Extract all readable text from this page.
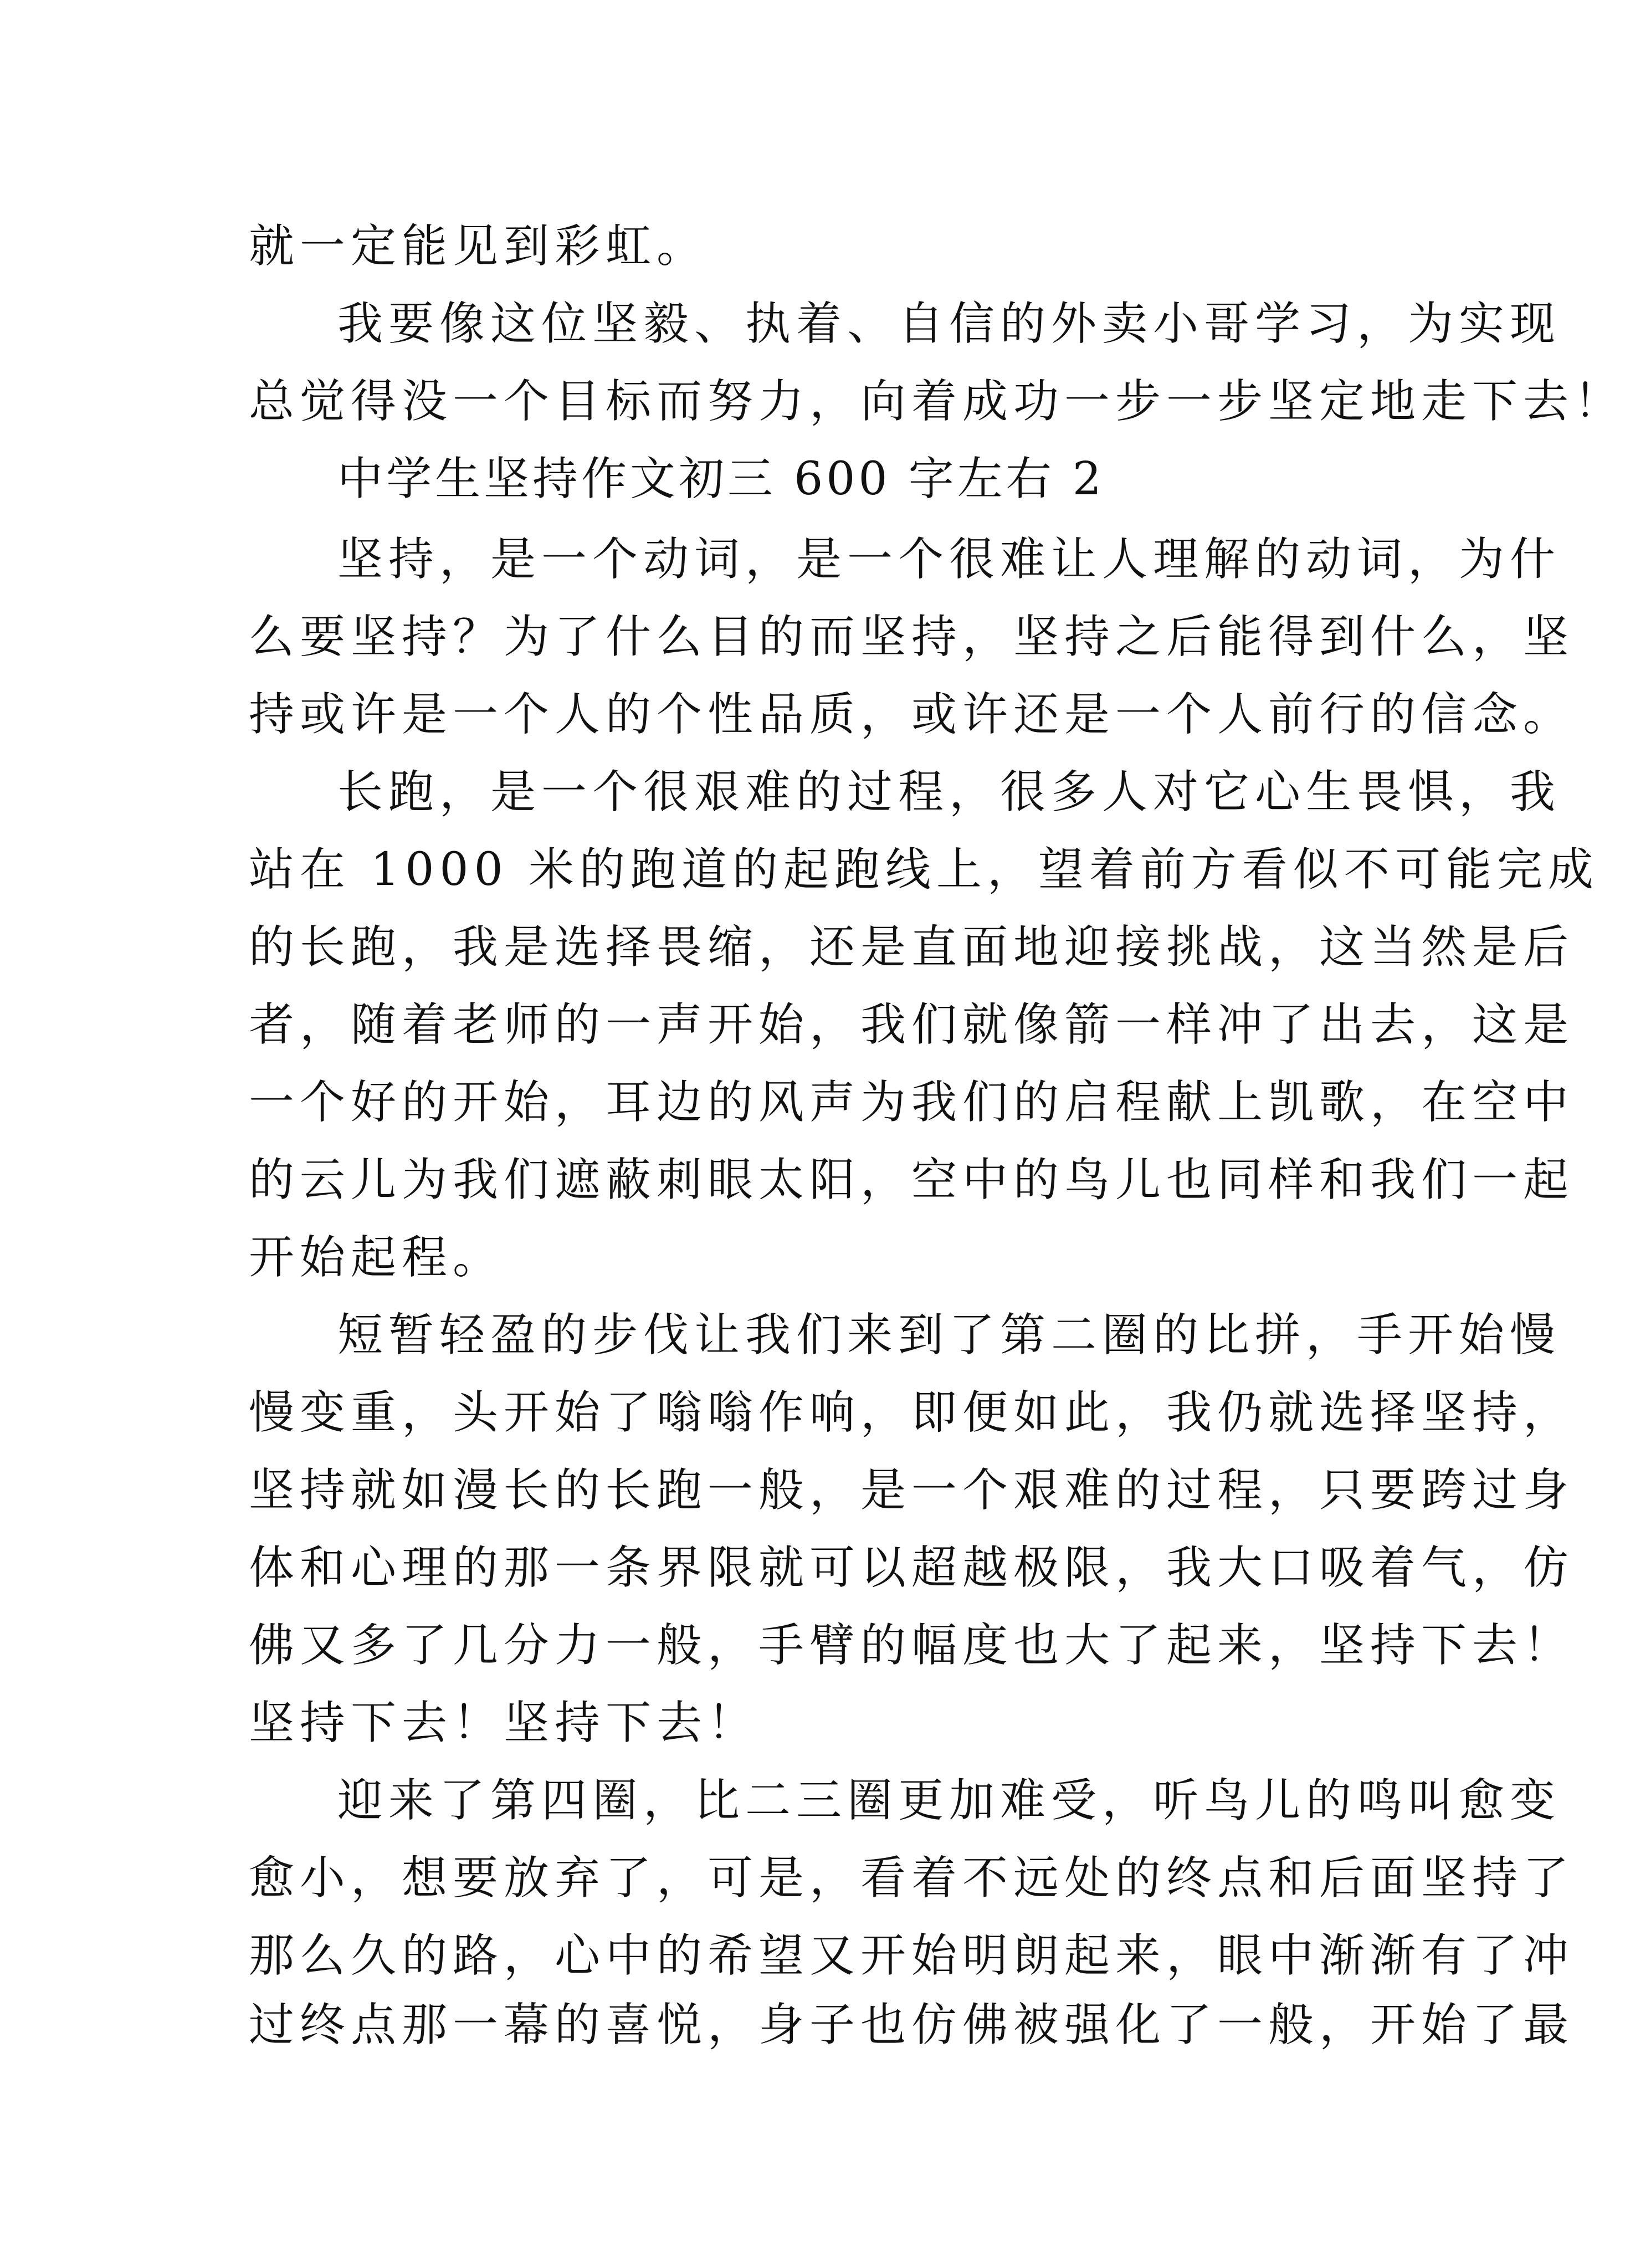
就一定能见到彩虹。
我要像这位坚毅、执着、自信的外卖小哥学习，为实现
总觉得没一个目标而努力，向着成功一步一步坚定地走下去！
中学生坚持作文初三 600 字左右 2
坚持，是一个动词，是一个很难让人理解的动词，为什
么要坚持？为了什么目的而坚持，坚持之后能得到什么，坚
持或许是一个人的个性品质，或许还是一个人前行的信念。
长跑，是一个很艰难的过程，很多人对它心生畏惧，我
站在 1000 米的跑道的起跑线上，望着前方看似不可能完成
的长跑，我是选择畏缩，还是直面地迎接挑战，这当然是后
者，随着老师的一声开始，我们就像箭一样冲了出去，这是
一个好的开始，耳边的风声为我们的启程献上凯歌，在空中
的云儿为我们遮蔽刺眼太阳，空中的鸟儿也同样和我们一起
开始起程。
短暂轻盈的步伐让我们来到了第二圈的比拼，手开始慢
慢变重，头开始了嗡嗡作响，即便如此，我仍就选择坚持，
坚持就如漫长的长跑一般，是一个艰难的过程，只要跨过身
体和心理的那一条界限就可以超越极限，我大口吸着气，仿
佛又多了几分力一般，手臂的幅度也大了起来，坚持下去！
坚持下去！坚持下去！
迎来了第四圈，比二三圈更加难受，听鸟儿的鸣叫愈变
愈小，想要放弃了，可是，看着不远处的终点和后面坚持了
那么久的路，心中的希望又开始明朗起来，眼中渐渐有了冲
过终点那一幕的喜悦，身子也仿佛被强化了一般，开始了最
